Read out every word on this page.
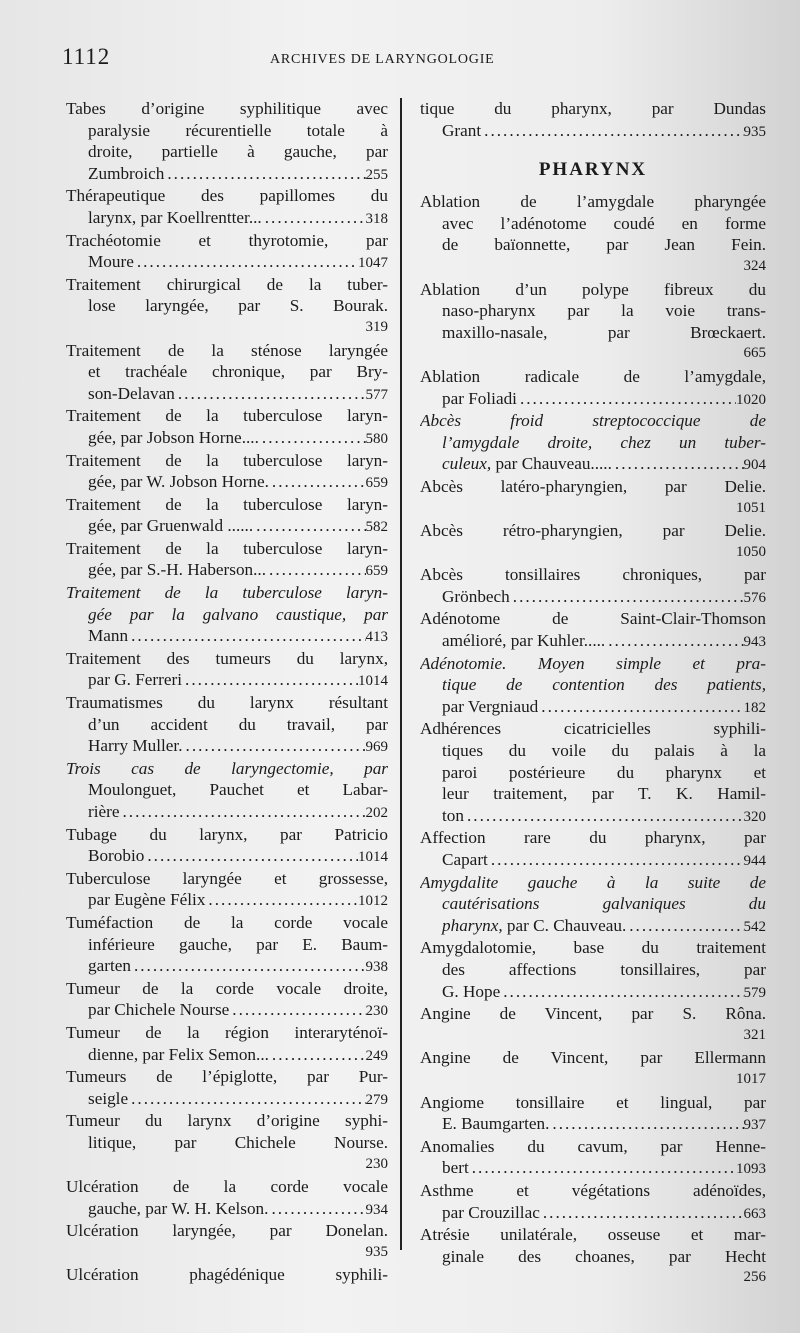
1112	ARCHIVES DE LARYNGOLOGIE
Tabes d’origine syphilitique avec
paralysie récurentielle totale à
droite, partielle à gauche, par
Zumbroich .....	255
Thérapeutique des papillomes du
larynx, par Koellrentter... .....	318
Trachéotomie et thyrotomie, par
Moure .....	1047
Traitement chirurgical de la tuber-
lose laryngée, par S. Bourak.
319
Traitement de la sténose laryngée
et trachéale chronique, par Bry-
son-Delavan .....	577
Traitement de la tuberculose laryn-
gée, par Jobson Horne.... .....	580
Traitement de la tuberculose laryn-
gée, par W. Jobson Horne. .....	659
Traitement de la tuberculose laryn-
gée, par Gruenwald ...... .....	582
Traitement de la tuberculose laryn-
gée, par S.-H. Haberson... .....	659
Traitement de la tuberculose laryn-
gée par la galvano caustique, par
Mann .....	413
Traitement des tumeurs du larynx,
par G. Ferreri .....	1014
Traumatismes du larynx résultant
d’un accident du travail, par
Harry Muller. .....	969
Trois cas de laryngectomie, par
Moulonguet, Pauchet et Labar-
rière .....	202
Tubage du larynx, par Patricio
Borobio .....	1014
Tuberculose laryngée et grossesse,
par Eugène Félix .....	1012
Tuméfaction de la corde vocale
inférieure gauche, par E. Baum-
garten .....	938
Tumeur de la corde vocale droite,
par Chichele Nourse .....	230
Tumeur de la région interaryténoï-
dienne, par Felix Semon... .....	249
Tumeurs de l’épiglotte, par Pur-
seigle .....	279
Tumeur du larynx d’origine syphi-
litique, par Chichele Nourse.
230
Ulcération de la corde vocale
gauche, par W. H. Kelson. .....	934
Ulcération laryngée, par Donelan.
935
Ulcération phagédénique syphili-
tique du pharynx, par Dundas
Grant .....	935
PHARYNX
Ablation de l’amygdale pharyngée
avec l’adénotome coudé en forme
de baïonnette, par Jean Fein.
324
Ablation d’un polype fibreux du
naso-pharynx par la voie trans-
maxillo-nasale, par Brœckaert.
665
Ablation radicale de l’amygdale,
par Foliadi .....	1020
Abcès froid streptococcique de
l’amygdale droite, chez un tuber-
culeux, par Chauveau..... .....	904
Abcès latéro-pharyngien, par Delie.
1051
Abcès rétro-pharyngien, par Delie.
1050
Abcès tonsillaires chroniques, par
Grönbech .....	576
Adénotome de Saint-Clair-Thomson
amélioré, par Kuhler..... .....	943
Adénotomie. Moyen simple et pra-
tique de contention des patients,
par Vergniaud .....	182
Adhérences cicatricielles syphili-
tiques du voile du palais à la
paroi postérieure du pharynx et
leur traitement, par T. K. Hamil-
ton .....	320
Affection rare du pharynx, par
Capart .....	944
Amygdalite gauche à la suite de
cautérisations galvaniques du
pharynx, par C. Chauveau. .....	542
Amygdalotomie, base du traitement
des affections tonsillaires, par
G. Hope .....	579
Angine de Vincent, par S. Rôna.
321
Angine de Vincent, par Ellermann
1017
Angiome tonsillaire et lingual, par
E. Baumgarten. .....	937
Anomalies du cavum, par Henne-
bert .....	1093
Asthme et végétations adénoïdes,
par Crouzillac .....	663
Atrésie unilatérale, osseuse et mar-
ginale des choanes, par Hecht
256
